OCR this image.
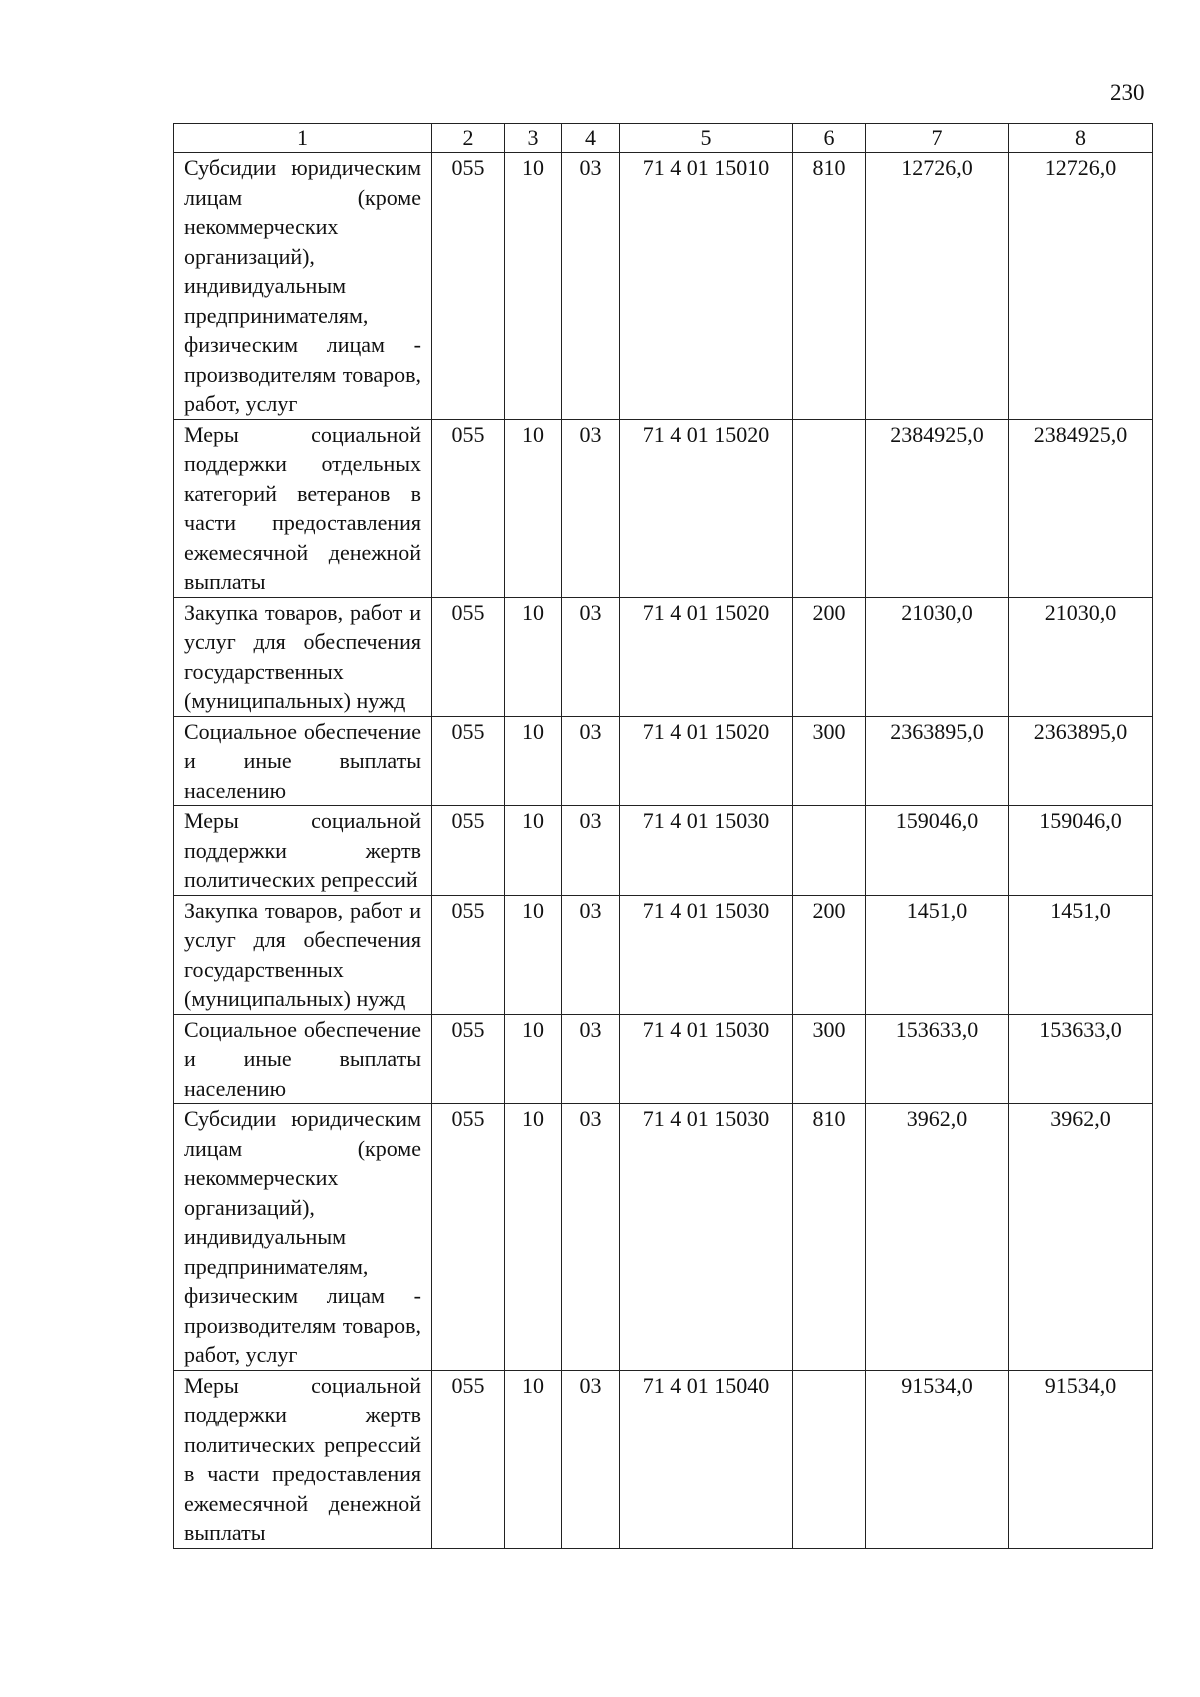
230
1	2	3	4	5	6	7	8
Субсидии юридическим лицам (кроме некоммерческих организаций), индивидуальным предпринимателям, физическим лицам - производителям товаров, работ, услуг	055	10	03	71 4 01 15010	810	12726,0	12726,0
Меры социальной поддержки отдельных категорий ветеранов в части предоставления ежемесячной денежной выплаты	055	10	03	71 4 01 15020		2384925,0	2384925,0
Закупка товаров, работ и услуг для обеспечения государственных (муниципальных) нужд	055	10	03	71 4 01 15020	200	21030,0	21030,0
Социальное обеспечение и иные выплаты населению	055	10	03	71 4 01 15020	300	2363895,0	2363895,0
Меры социальной поддержки жертв политических репрессий	055	10	03	71 4 01 15030		159046,0	159046,0
Закупка товаров, работ и услуг для обеспечения государственных (муниципальных) нужд	055	10	03	71 4 01 15030	200	1451,0	1451,0
Социальное обеспечение и иные выплаты населению	055	10	03	71 4 01 15030	300	153633,0	153633,0
Субсидии юридическим лицам (кроме некоммерческих организаций), индивидуальным предпринимателям, физическим лицам - производителям товаров, работ, услуг	055	10	03	71 4 01 15030	810	3962,0	3962,0
Меры социальной поддержки жертв политических репрессий в части предоставления ежемесячной денежной выплаты	055	10	03	71 4 01 15040		91534,0	91534,0
